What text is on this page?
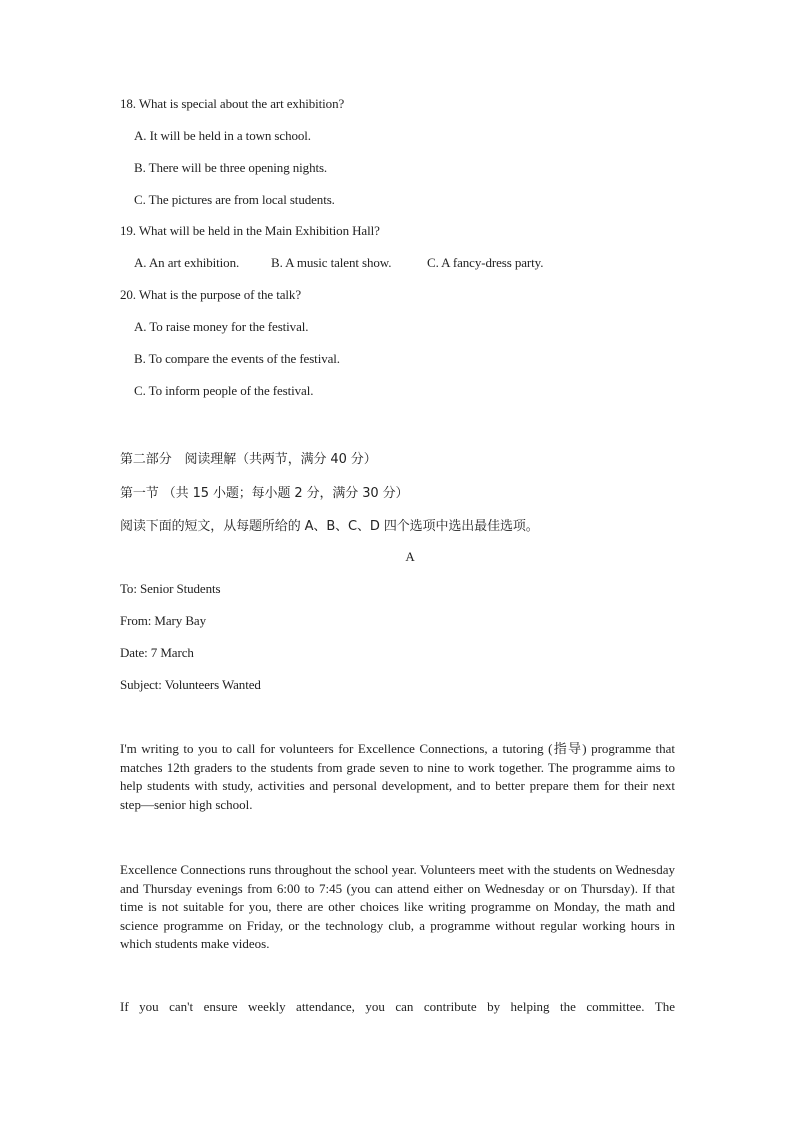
18. What is special about the art exhibition?
A. It will be held in a town school.
B. There will be three opening nights.
C. The pictures are from local students.
19. What will be held in the Main Exhibition Hall?
A. An art exhibition. B. A music talent show.	C. A fancy-dress party.
20. What is the purpose of the talk?
A. To raise money for the festival.
B. To compare the events of the festival.
C. To inform people of the festival.
第二部分　阅读理解（共两节，满分 40 分）
第一节 （共 15 小题；每小题 2 分，满分 30 分）
阅读下面的短文，从每题所给的 A、B、C、D 四个选项中选出最佳选项。
A
To: Senior Students
From: Mary Bay
Date: 7 March
Subject: Volunteers Wanted
I'm writing to you to call for volunteers for Excellence Connections, a tutoring (指导) programme that matches 12th graders to the students from grade seven to nine to work together. The programme aims to help students with study, activities and personal development, and to better prepare them for their next step—senior high school.
Excellence Connections runs throughout the school year. Volunteers meet with the students on Wednesday and Thursday evenings from 6:00 to 7:45 (you can attend either on Wednesday or on Thursday). If that time is not suitable for you, there are other choices like writing programme on Monday, the math and science programme on Friday, or the technology club, a programme without regular working hours in which students make videos.
If you can't ensure weekly attendance, you can contribute by helping the committee. The
